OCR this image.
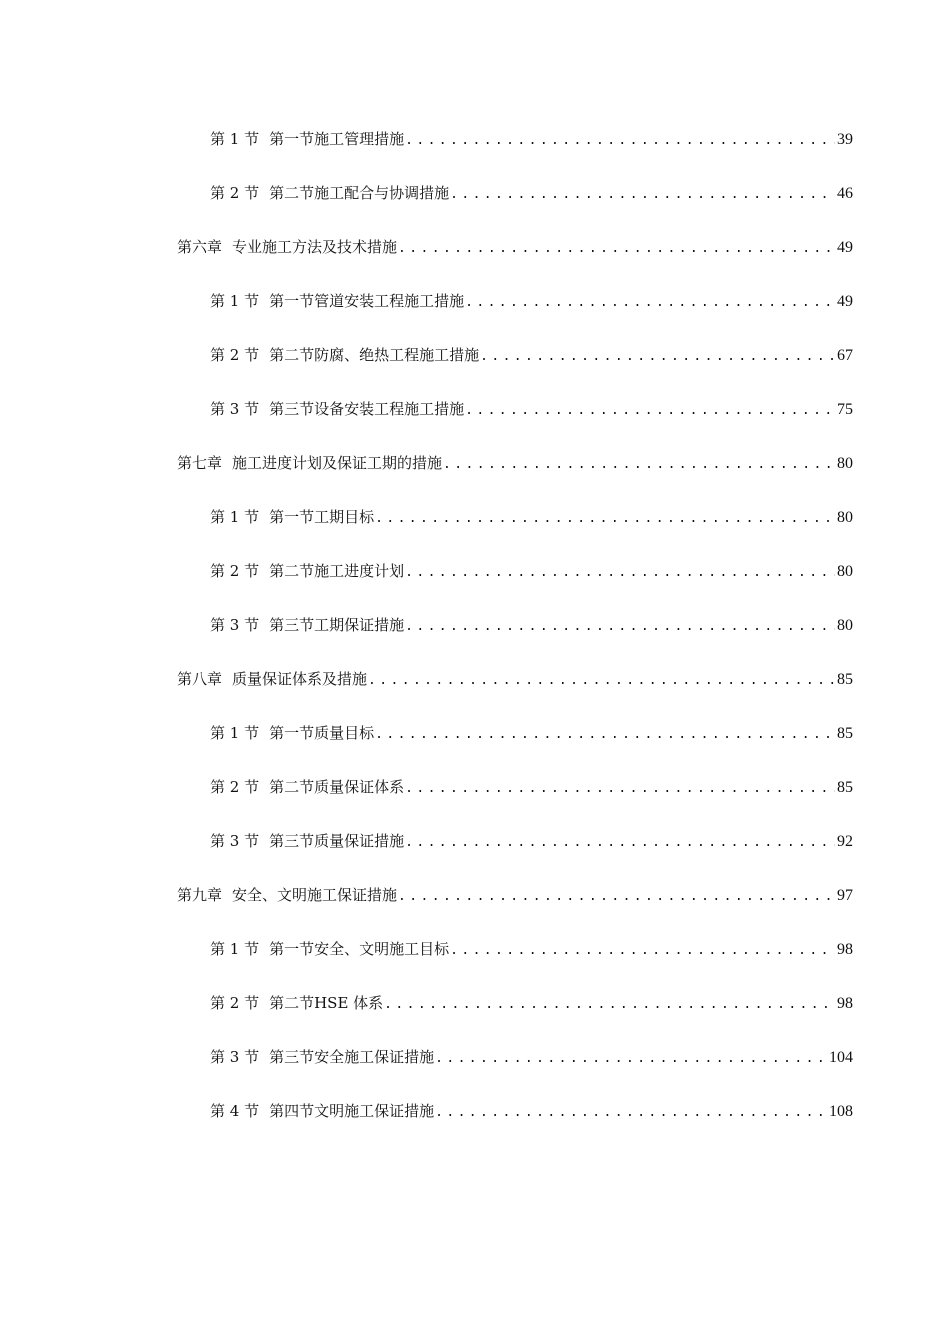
第 1 节 第一节施工管理措施 .....	39
第 2 节 第二节施工配合与协调措施 .....	46
第六章 专业施工方法及技术措施 .....	49
第 1 节 第一节管道安装工程施工措施 .....	49
第 2 节 第二节防腐、绝热工程施工措施 .....	67
第 3 节 第三节设备安装工程施工措施 .....	75
第七章 施工进度计划及保证工期的措施 .....	80
第 1 节 第一节工期目标 .....	80
第 2 节 第二节施工进度计划 .....	80
第 3 节 第三节工期保证措施 .....	80
第八章 质量保证体系及措施 .....	85
第 1 节 第一节质量目标 .....	85
第 2 节 第二节质量保证体系 .....	85
第 3 节 第三节质量保证措施 .....	92
第九章 安全、文明施工保证措施 .....	97
第 1 节 第一节安全、文明施工目标 .....	98
第 2 节 第二节HSE 体系 .....	98
第 3 节 第三节安全施工保证措施 .....	104
第 4 节 第四节文明施工保证措施 .....	108
